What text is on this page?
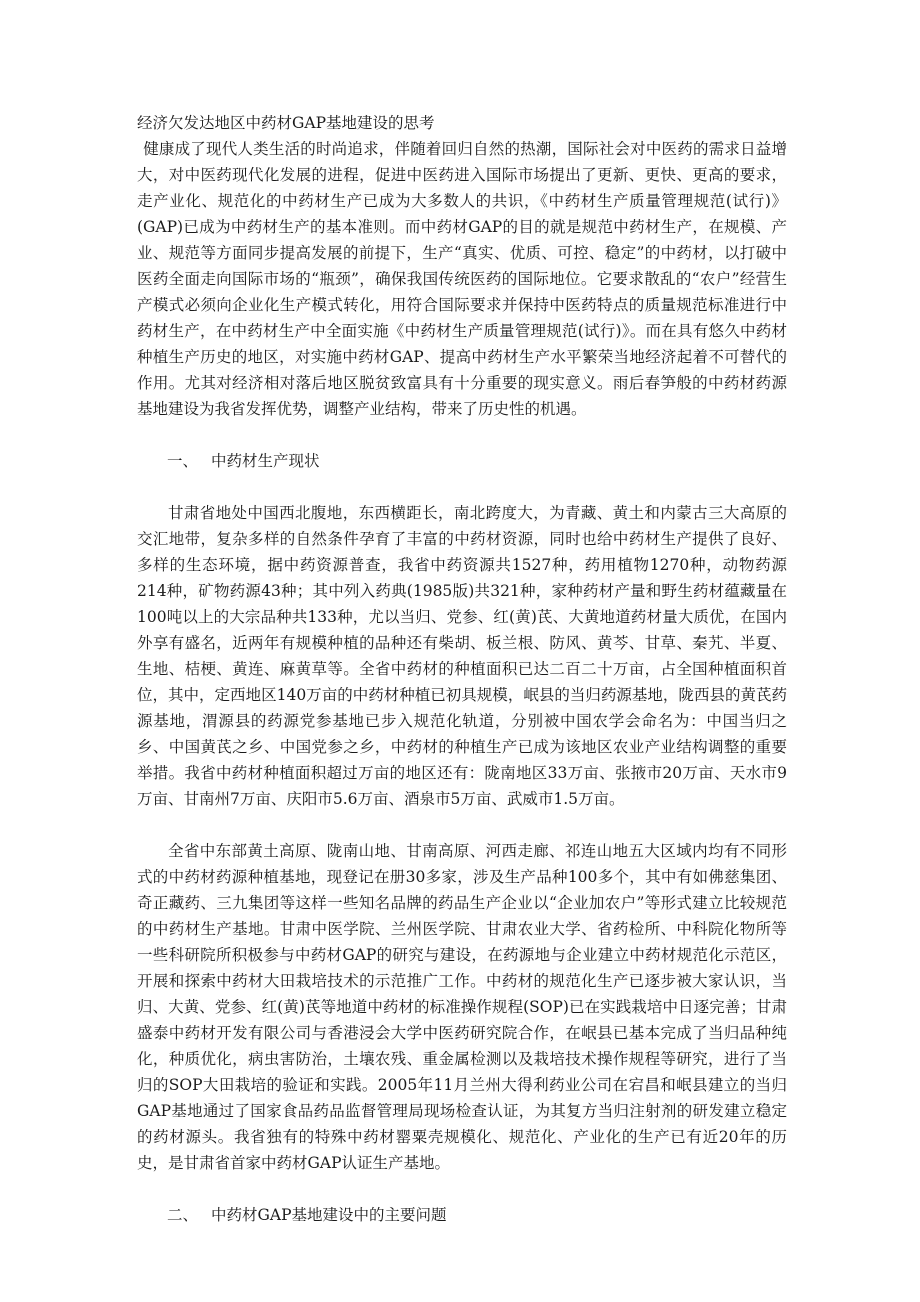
经济欠发达地区中药材GAP基地建设的思考

健康成了现代人类生活的时尚追求，伴随着回归自然的热潮，国际社会对中医药的需求日益增大，对中医药现代化发展的进程，促进中医药进入国际市场提出了更新、更快、更高的要求，走产业化、规范化的中药材生产已成为大多数人的共识，《中药材生产质量管理规范(试行)》(GAP)已成为中药材生产的基本准则。而中药材GAP的目的就是规范中药材生产，在规模、产业、规范等方面同步提高发展的前提下，生产“真实、优质、可控、稳定”的中药材，以打破中医药全面走向国际市场的“瓶颈”，确保我国传统医药的国际地位。它要求散乱的“农户”经营生产模式必须向企业化生产模式转化，用符合国际要求并保持中医药特点的质量规范标准进行中药材生产，在中药材生产中全面实施《中药材生产质量管理规范(试行)》。而在具有悠久中药材种植生产历史的地区，对实施中药材GAP、提高中药材生产水平繁荣当地经济起着不可替代的作用。尤其对经济相对落后地区脱贫致富具有十分重要的现实意义。雨后春笋般的中药材药源基地建设为我省发挥优势，调整产业结构，带来了历史性的机遇。

一、 中药材生产现状

甘肃省地处中国西北腹地，东西横距长，南北跨度大，为青藏、黄土和内蒙古三大高原的交汇地带，复杂多样的自然条件孕育了丰富的中药材资源，同时也给中药材生产提供了良好、多样的生态环境，据中药资源普查，我省中药资源共1527种，药用植物1270种，动物药源214种，矿物药源43种；其中列入药典(1985版)共321种，家种药材产量和野生药材蕴藏量在100吨以上的大宗品种共133种，尤以当归、党参、红(黄)芪、大黄地道药材量大质优，在国内外享有盛名，近两年有规模种植的品种还有柴胡、板兰根、防风、黄芩、甘草、秦艽、半夏、生地、桔梗、黄连、麻黄草等。全省中药材的种植面积已达二百二十万亩，占全国种植面积首位，其中，定西地区140万亩的中药材种植已初具规模，岷县的当归药源基地，陇西县的黄芪药源基地，渭源县的药源党参基地已步入规范化轨道，分别被中国农学会命名为：中国当归之乡、中国黄芪之乡、中国党参之乡，中药材的种植生产已成为该地区农业产业结构调整的重要举措。我省中药材种植面积超过万亩的地区还有：陇南地区33万亩、张掖市20万亩、天水市9万亩、甘南州7万亩、庆阳市5.6万亩、酒泉市5万亩、武威市1.5万亩。

全省中东部黄土高原、陇南山地、甘南高原、河西走廊、祁连山地五大区域内均有不同形式的中药材药源种植基地，现登记在册30多家，涉及生产品种100多个，其中有如佛慈集团、奇正藏药、三九集团等这样一些知名品牌的药品生产企业以“企业加农户”等形式建立比较规范的中药材生产基地。甘肃中医学院、兰州医学院、甘肃农业大学、省药检所、中科院化物所等一些科研院所积极参与中药材GAP的研究与建设，在药源地与企业建立中药材规范化示范区，开展和探索中药材大田栽培技术的示范推广工作。中药材的规范化生产已逐步被大家认识，当归、大黄、党参、红(黄)芪等地道中药材的标准操作规程(SOP)已在实践栽培中日逐完善；甘肃盛泰中药材开发有限公司与香港浸会大学中医药研究院合作，在岷县已基本完成了当归品种纯化，种质优化，病虫害防治，土壤农残、重金属检测以及栽培技术操作规程等研究，进行了当归的SOP大田栽培的验证和实践。2005年11月兰州大得利药业公司在宕昌和岷县建立的当归GAP基地通过了国家食品药品监督管理局现场检查认证，为其复方当归注射剂的研发建立稳定的药材源头。我省独有的特殊中药材罂粟壳规模化、规范化、产业化的生产已有近20年的历史，是甘肃省首家中药材GAP认证生产基地。

二、 中药材GAP基地建设中的主要问题
